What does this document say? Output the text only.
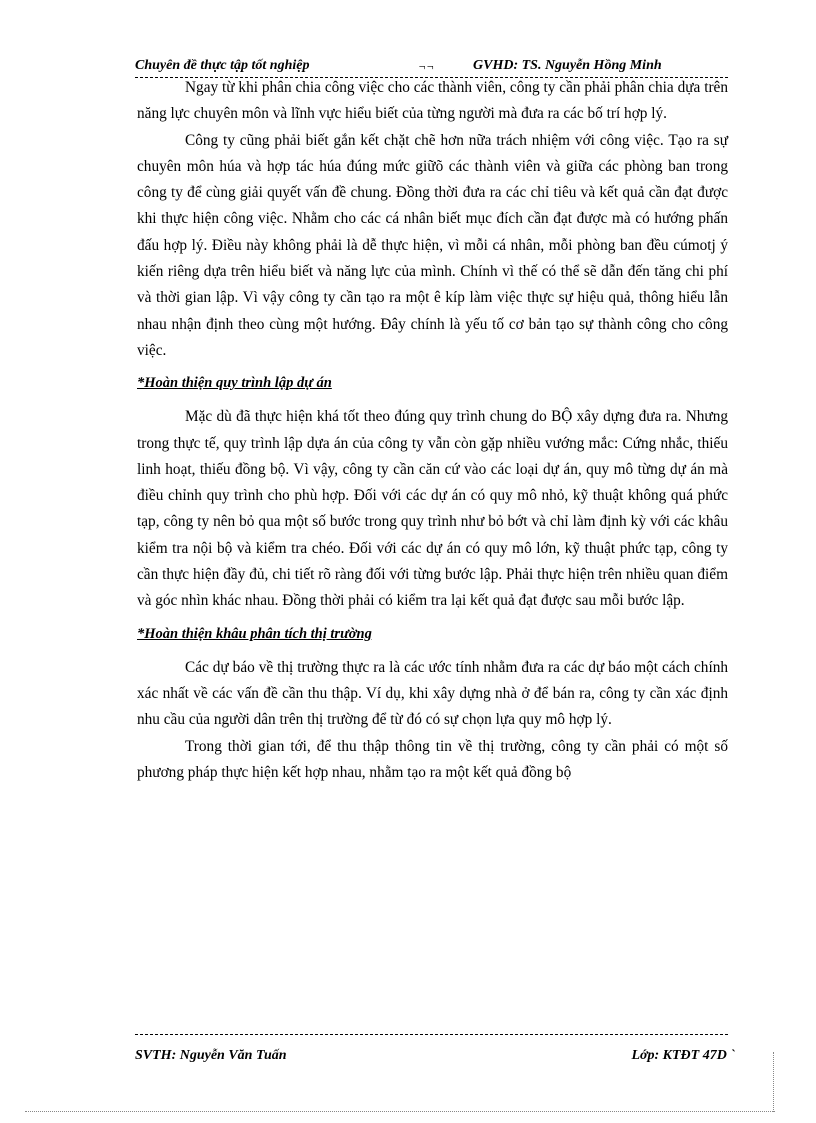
Chuyên đề thực tập tốt nghiệp	¬¬	GVHD: TS. Nguyễn Hồng Minh

Ngay từ khi phân chia công việc cho các thành viên, công ty cần phải phân chia dựa trên năng lực chuyên môn và lĩnh vực hiểu biết của từng người mà đưa ra các bố trí hợp lý.

Công ty cũng phải biết gắn kết chặt chẽ hơn nữa trách nhiệm với công việc. Tạo ra sự chuyên môn húa và hợp tác húa đúng mức giữõ các thành viên và giữa các phòng ban trong công ty để cùng giải quyết vấn đề chung. Đồng thời đưa ra các chỉ tiêu và kết quả cần đạt được khi thực hiện công việc. Nhằm cho các cá nhân biết mục đích cần đạt được mà có hướng phấn đấu hợp lý. Điều này không phải là dễ thực hiện, vì mỗi cá nhân, mỗi phòng ban đều cúmotj ý kiến riêng dựa trên hiểu biết và năng lực của mình. Chính vì thế có thể sẽ dẫn đến tăng chi phí và thời gian lập. Vì vậy công ty cần tạo ra một ê kíp làm việc thực sự hiệu quả, thông hiểu lẫn nhau nhận định theo cùng một hướng. Đây chính là yếu tố cơ bản tạo sự thành công cho công việc.

*Hoàn thiện quy trình lập dự án

Mặc dù đã thực hiện khá tốt theo đúng quy trình chung do BỘ xây dựng đưa ra. Nhưng trong thực tế, quy trình lập dựa án của công ty vẫn còn gặp nhiều vướng mắc: Cứng nhắc, thiếu linh hoạt, thiếu đồng bộ. Vì vậy, công ty cần căn cứ vào các loại dự án, quy mô từng dự án mà điều chỉnh quy trình cho phù hợp. Đối với các dự án có quy mô nhỏ, kỹ thuật không quá phức tạp, công ty nên bỏ qua một số bước trong quy trình như bỏ bớt và chỉ làm định kỳ với các khâu kiểm tra nội bộ và kiểm tra chéo. Đối với các dự án có quy mô lớn, kỹ thuật phức tạp, công ty cần thực hiện đầy đủ, chi tiết rõ ràng đối với từng bước lập. Phải thực hiện trên nhiều quan điểm và góc nhìn khác nhau. Đồng thời phải có kiểm tra lại kết quả đạt được sau mỗi bước lập.

*Hoàn thiện khâu phân tích thị trường

Các dự báo về thị trường thực ra là các ước tính nhằm đưa ra các dự báo một cách chính xác nhất về các vấn đề cần thu thập. Ví dụ, khi xây dựng nhà ở để bán ra, công ty cần xác định nhu cầu của người dân trên thị trường để từ đó có sự chọn lựa quy mô hợp lý.

Trong thời gian tới, để thu thập thông tin về thị trường, công ty cần phải có một số phương pháp thực hiện kết hợp nhau, nhằm tạo ra một kết quả đồng bộ

SVTH: Nguyễn Văn Tuấn	Lớp: KTĐT 47D `
